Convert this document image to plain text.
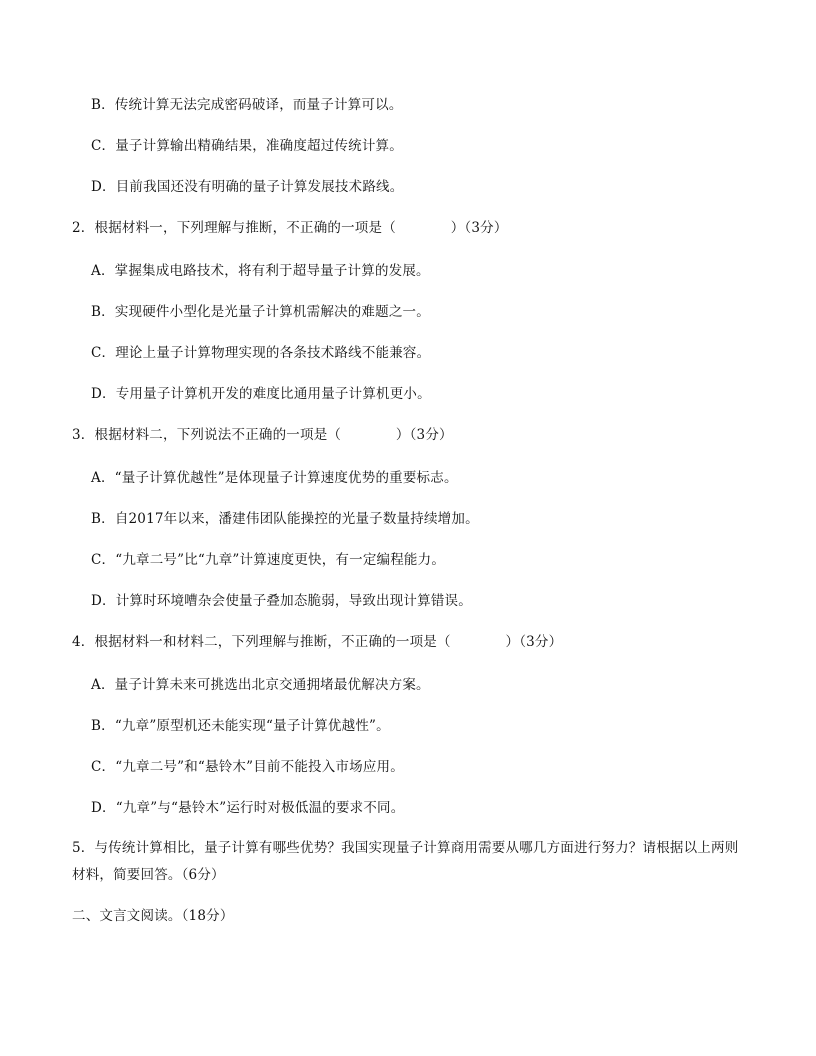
B．传统计算无法完成密码破译，而量子计算可以。
C．量子计算输出精确结果，准确度超过传统计算。
D．目前我国还没有明确的量子计算发展技术路线。
2．根据材料一，下列理解与推断，不正确的一项是（　　　　）（3分）
A．掌握集成电路技术，将有利于超导量子计算的发展。
B．实现硬件小型化是光量子计算机需解决的难题之一。
C．理论上量子计算物理实现的各条技术路线不能兼容。
D．专用量子计算机开发的难度比通用量子计算机更小。
3．根据材料二，下列说法不正确的一项是（　　　　）（3分）
A．“量子计算优越性”是体现量子计算速度优势的重要标志。
B．自2017年以来，潘建伟团队能操控的光量子数量持续增加。
C．“九章二号”比“九章”计算速度更快，有一定编程能力。
D．计算时环境嘈杂会使量子叠加态脆弱，导致出现计算错误。
4．根据材料一和材料二，下列理解与推断，不正确的一项是（　　　　）（3分）
A．量子计算未来可挑选出北京交通拥堵最优解决方案。
B．“九章”原型机还未能实现“量子计算优越性”。
C．“九章二号”和“悬铃木”目前不能投入市场应用。
D．“九章”与“悬铃木”运行时对极低温的要求不同。
5．与传统计算相比，量子计算有哪些优势？我国实现量子计算商用需要从哪几方面进行努力？请根据以上两则材料，简要回答。（6分）
二、文言文阅读。（18分）
